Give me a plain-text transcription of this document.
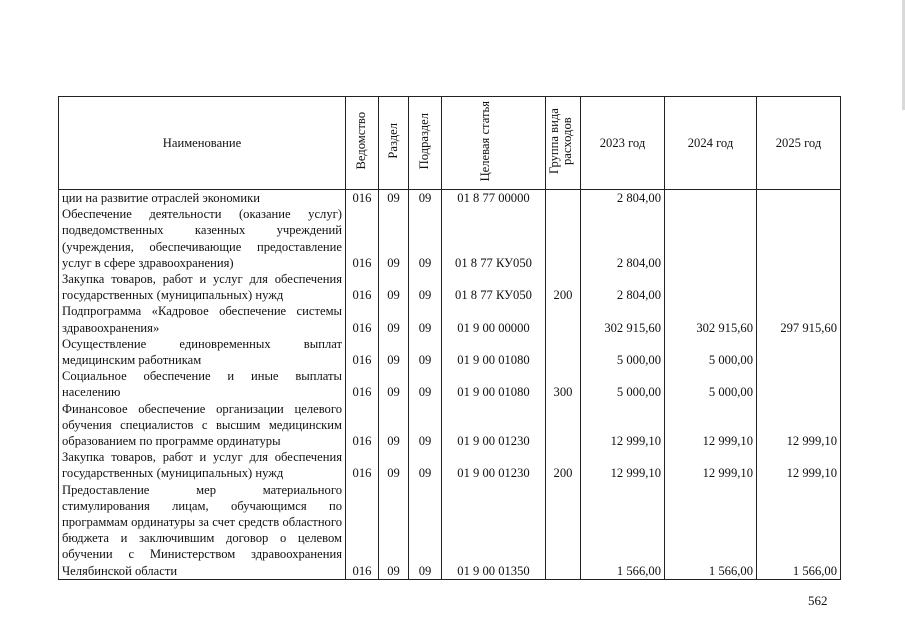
Наименование	Ведомство	Раздел	Подраздел	Целевая статья	Группа вида расходов	2023 год	2024 год	2025 год
ции на развитие отраслей экономики	016	09	09	01 8 77 00000		2 804,00		
Обеспечение деятельности (оказание услуг) подведомственных казенных учреждений (учреждения, обеспечивающие предоставление услуг в сфере здравоохранения)	016	09	09	01 8 77 КУ050		2 804,00		
Закупка товаров, работ и услуг для обеспечения государственных (муниципальных) нужд	016	09	09	01 8 77 КУ050	200	2 804,00		
Подпрограмма «Кадровое обеспечение системы здравоохранения»	016	09	09	01 9 00 00000		302 915,60	302 915,60	297 915,60
Осуществление единовременных выплат медицинским работникам	016	09	09	01 9 00 01080		5 000,00	5 000,00	
Социальное обеспечение и иные выплаты населению	016	09	09	01 9 00 01080	300	5 000,00	5 000,00	
Финансовое обеспечение организации целевого обучения специалистов с высшим медицинским образованием по программе ординатуры	016	09	09	01 9 00 01230		12 999,10	12 999,10	12 999,10
Закупка товаров, работ и услуг для обеспечения государственных (муниципальных) нужд	016	09	09	01 9 00 01230	200	12 999,10	12 999,10	12 999,10
Предоставление мер материального стимулирования лицам, обучающимся по программам ординатуры за счет средств областного бюджета и заключившим договор о целевом обучении с Министерством здравоохранения Челябинской области	016	09	09	01 9 00 01350		1 566,00	1 566,00	1 566,00
562
